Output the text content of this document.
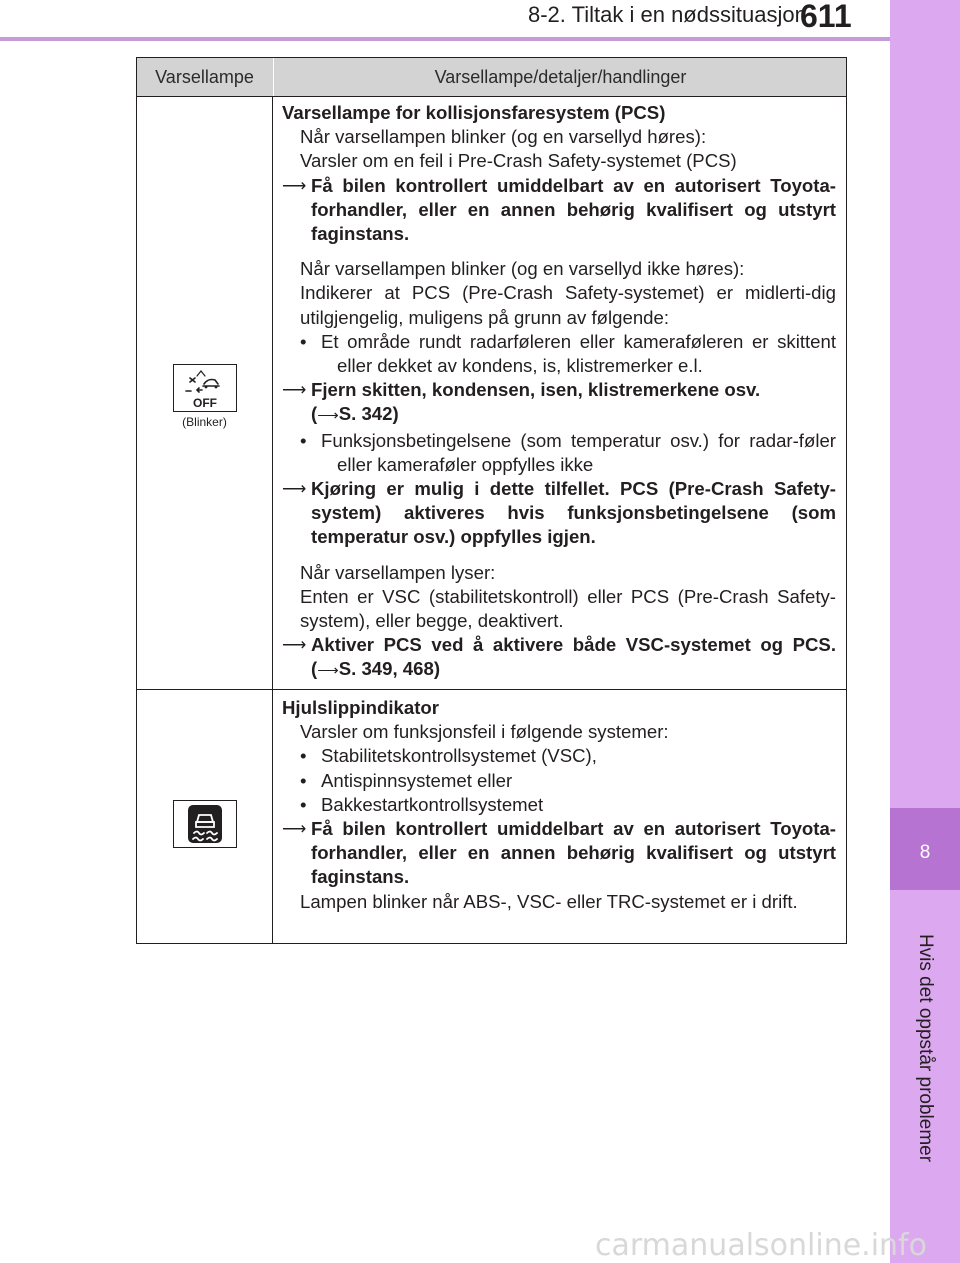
8-2. Tiltak i en nødssituasjon
611
8
Hvis det oppstår problemer
Varsellampe	Varsellampe/detaljer/handlinger
OFF
(Blinker)
Varsellampe for kollisjonsfaresystem (PCS)
Når varsellampen blinker (og en varsellyd høres):
Varsler om en feil i Pre-Crash Safety-systemet (PCS)
⟶ Få bilen kontrollert umiddelbart av en autorisert Toyota-forhandler, eller en annen behørig kvalifisert og utstyrt faginstans.
Når varsellampen blinker (og en varsellyd ikke høres):
Indikerer at PCS (Pre-Crash Safety-systemet) er midlerti-dig utilgjengelig, muligens på grunn av følgende:
• Et område rundt radarføleren eller kameraføleren er skittent eller dekket av kondens, is, klistremerker e.l.
⟶ Fjern skitten, kondensen, isen, klistremerkene osv.
(⟶S. 342)
• Funksjonsbetingelsene (som temperatur osv.) for radar-føler eller kameraføler oppfylles ikke
⟶ Kjøring er mulig i dette tilfellet. PCS (Pre-Crash Safety-system) aktiveres hvis funksjonsbetingelsene (som temperatur osv.) oppfylles igjen.
Når varsellampen lyser:
Enten er VSC (stabilitetskontroll) eller PCS (Pre-Crash Safety-system), eller begge, deaktivert.
⟶ Aktiver PCS ved å aktivere både VSC-systemet og PCS. (⟶S. 349, 468)
Hjulslippindikator
Varsler om funksjonsfeil i følgende systemer:
• Stabilitetskontrollsystemet (VSC),
• Antispinnsystemet eller
• Bakkestartkontrollsystemet
⟶ Få bilen kontrollert umiddelbart av en autorisert Toyota-forhandler, eller en annen behørig kvalifisert og utstyrt faginstans.
Lampen blinker når ABS-, VSC- eller TRC-systemet er i drift.
carmanualsonline.info
